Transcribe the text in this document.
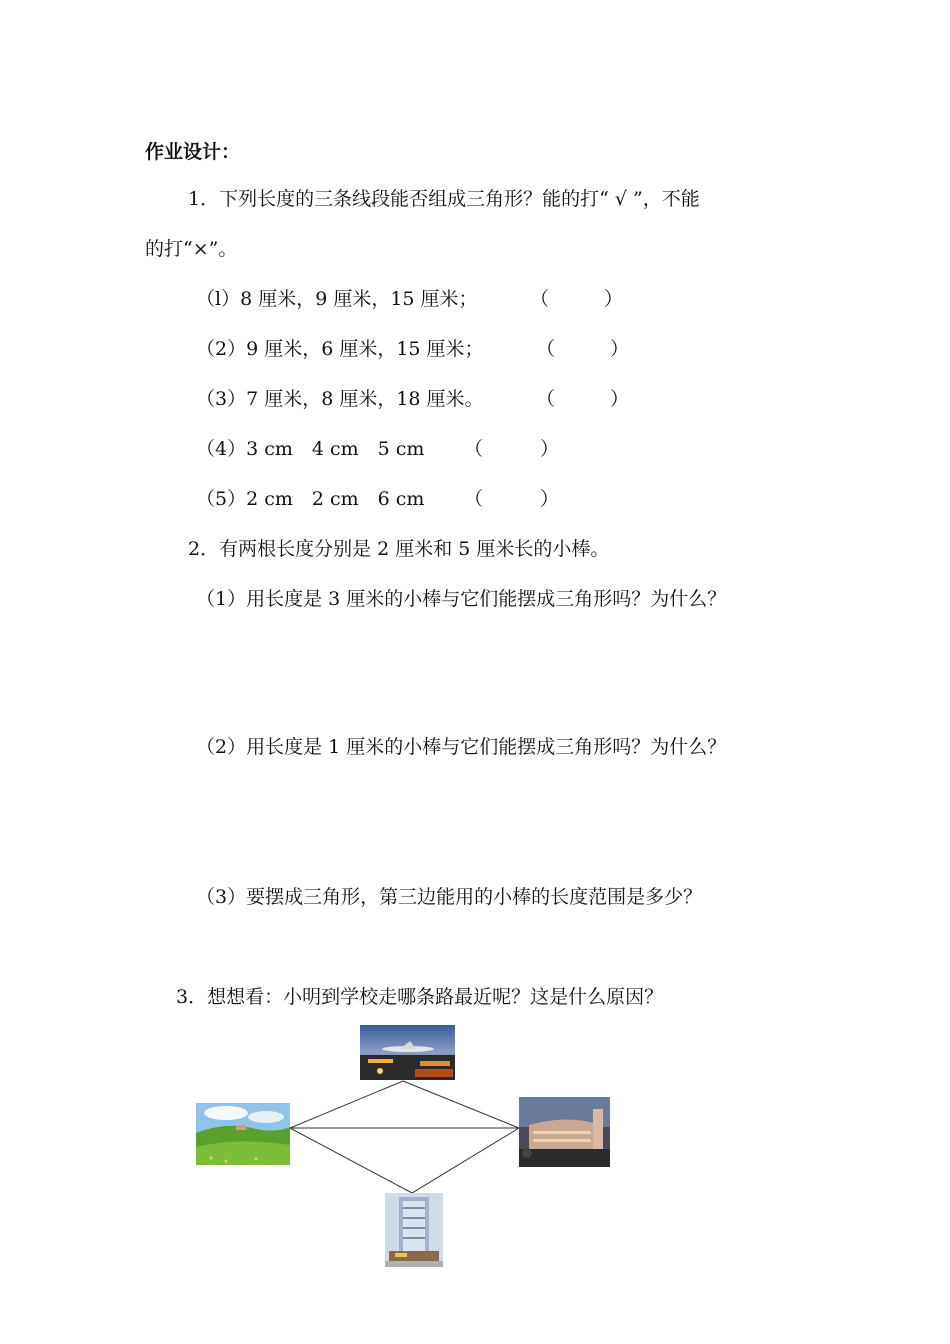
作业设计：
1．下列长度的三条线段能否组成三角形？能的打“ √ ”，不能
的打“×”。
（l）8 厘米，9 厘米，15 厘米；	（	）
（2）9 厘米，6 厘米，15 厘米；	（	）
（3）7 厘米，8 厘米，18 厘米。	（	）
（4）3 cm　4 cm　5 cm （	）
（5）2 cm　2 cm　6 cm （	）
2．有两根长度分别是 2 厘米和 5 厘米长的小棒。
（1）用长度是 3 厘米的小棒与它们能摆成三角形吗？为什么？
（2）用长度是 1 厘米的小棒与它们能摆成三角形吗？为什么？
（3）要摆成三角形，第三边能用的小棒的长度范围是多少？
3．想想看：小明到学校走哪条路最近呢？这是什么原因？
